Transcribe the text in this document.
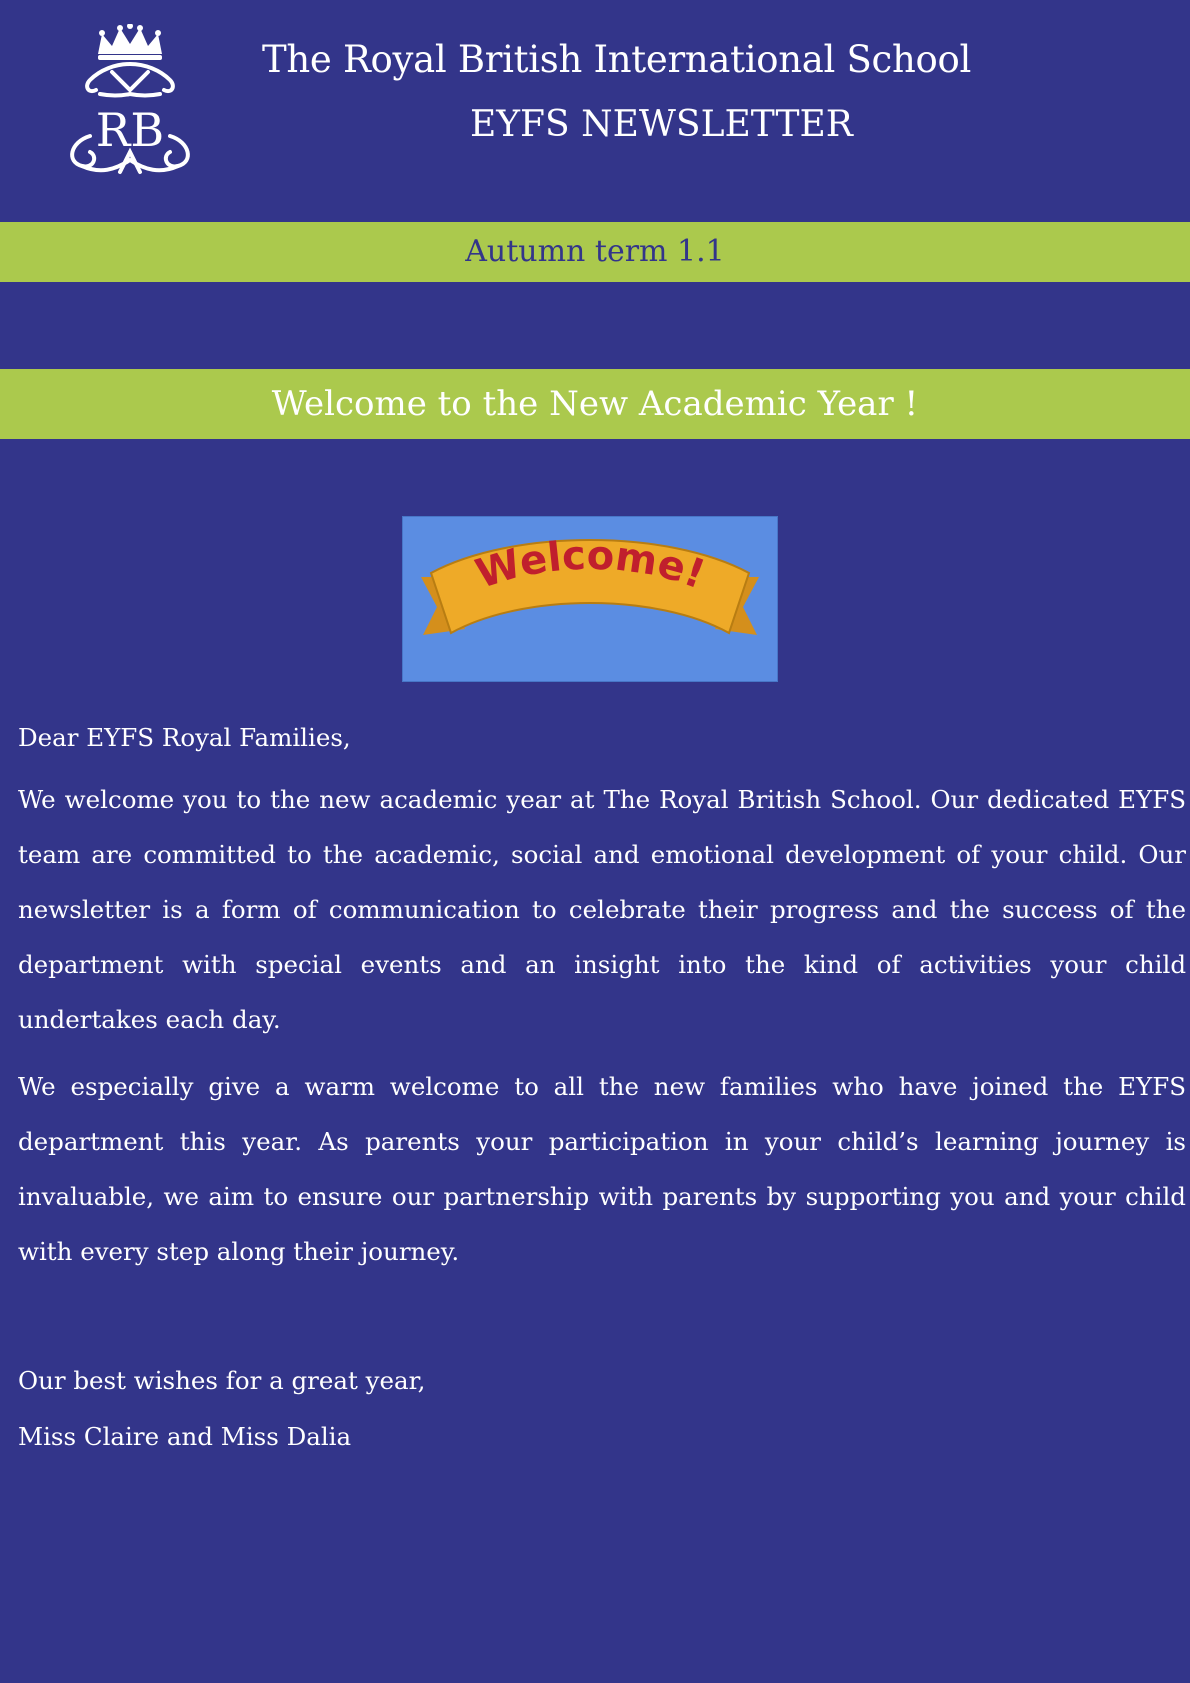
RB
The Royal British International School
EYFS NEWSLETTER
Autumn term 1.1
Welcome to the New Academic Year !
Welcome!

Dear EYFS Royal Families,

We welcome you to the new academic year at The Royal British School. Our dedicated EYFS team are committed to the academic, social and emotional development of your child. Our newsletter is a form of communication to celebrate their progress and the success of the department with special events and an insight into the kind of activities your child undertakes each day.

We especially give a warm welcome to all the new families who have joined the EYFS department this year. As parents your participation in your child’s learning journey is invaluable, we aim to ensure our partnership with parents by supporting you and your child with every step along their journey.

Our best wishes for a great year,

Miss Claire and Miss Dalia
